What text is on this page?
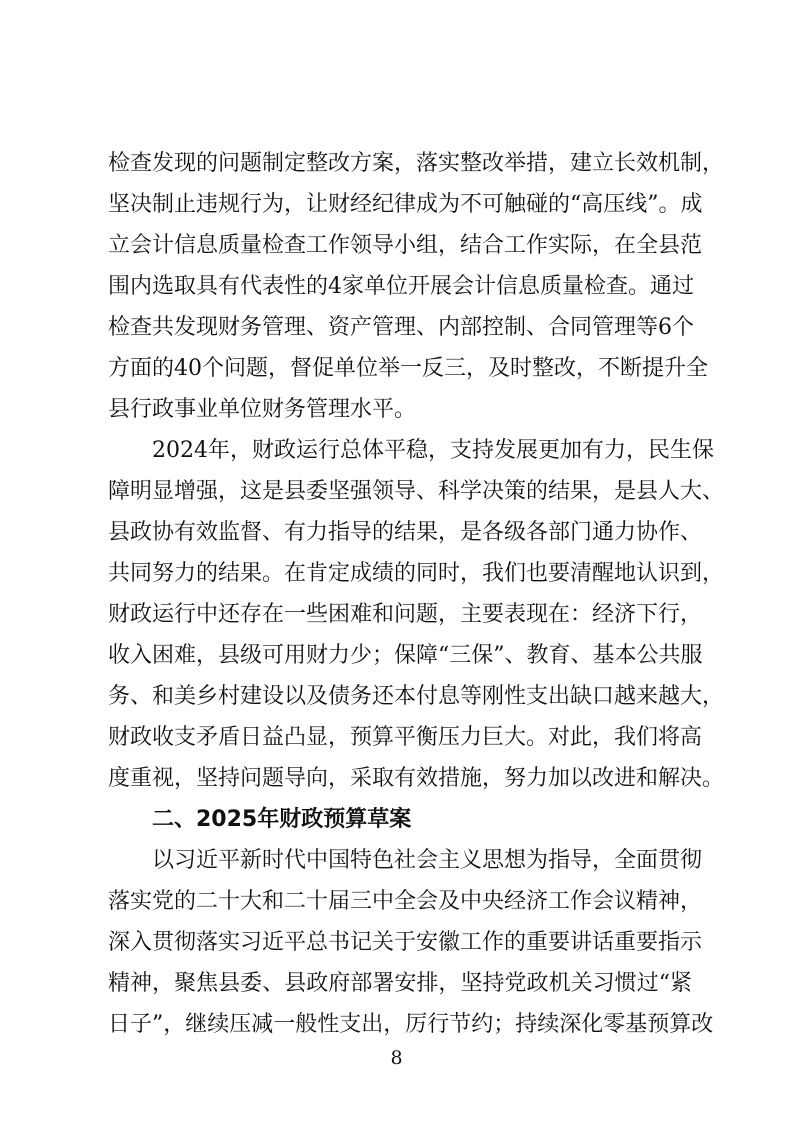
检查发现的问题制定整改方案，落实整改举措，建立长效机制，
坚决制止违规行为，让财经纪律成为不可触碰的“高压线”。成
立会计信息质量检查工作领导小组，结合工作实际，在全县范
围内选取具有代表性的4家单位开展会计信息质量检查。通过
检查共发现财务管理、资产管理、内部控制、合同管理等6个
方面的40个问题，督促单位举一反三，及时整改，不断提升全
县行政事业单位财务管理水平。
　　2024年，财政运行总体平稳，支持发展更加有力，民生保
障明显增强，这是县委坚强领导、科学决策的结果，是县人大、
县政协有效监督、有力指导的结果，是各级各部门通力协作、
共同努力的结果。在肯定成绩的同时，我们也要清醒地认识到，
财政运行中还存在一些困难和问题，主要表现在：经济下行，
收入困难，县级可用财力少；保障“三保”、教育、基本公共服
务、和美乡村建设以及债务还本付息等刚性支出缺口越来越大，
财政收支矛盾日益凸显，预算平衡压力巨大。对此，我们将高
度重视，坚持问题导向，采取有效措施，努力加以改进和解决。
　　二、2025年财政预算草案
　　以习近平新时代中国特色社会主义思想为指导，全面贯彻
落实党的二十大和二十届三中全会及中央经济工作会议精神，
深入贯彻落实习近平总书记关于安徽工作的重要讲话重要指示
精神，聚焦县委、县政府部署安排，坚持党政机关习惯过“紧
日子”，继续压减一般性支出，厉行节约；持续深化零基预算改
8
